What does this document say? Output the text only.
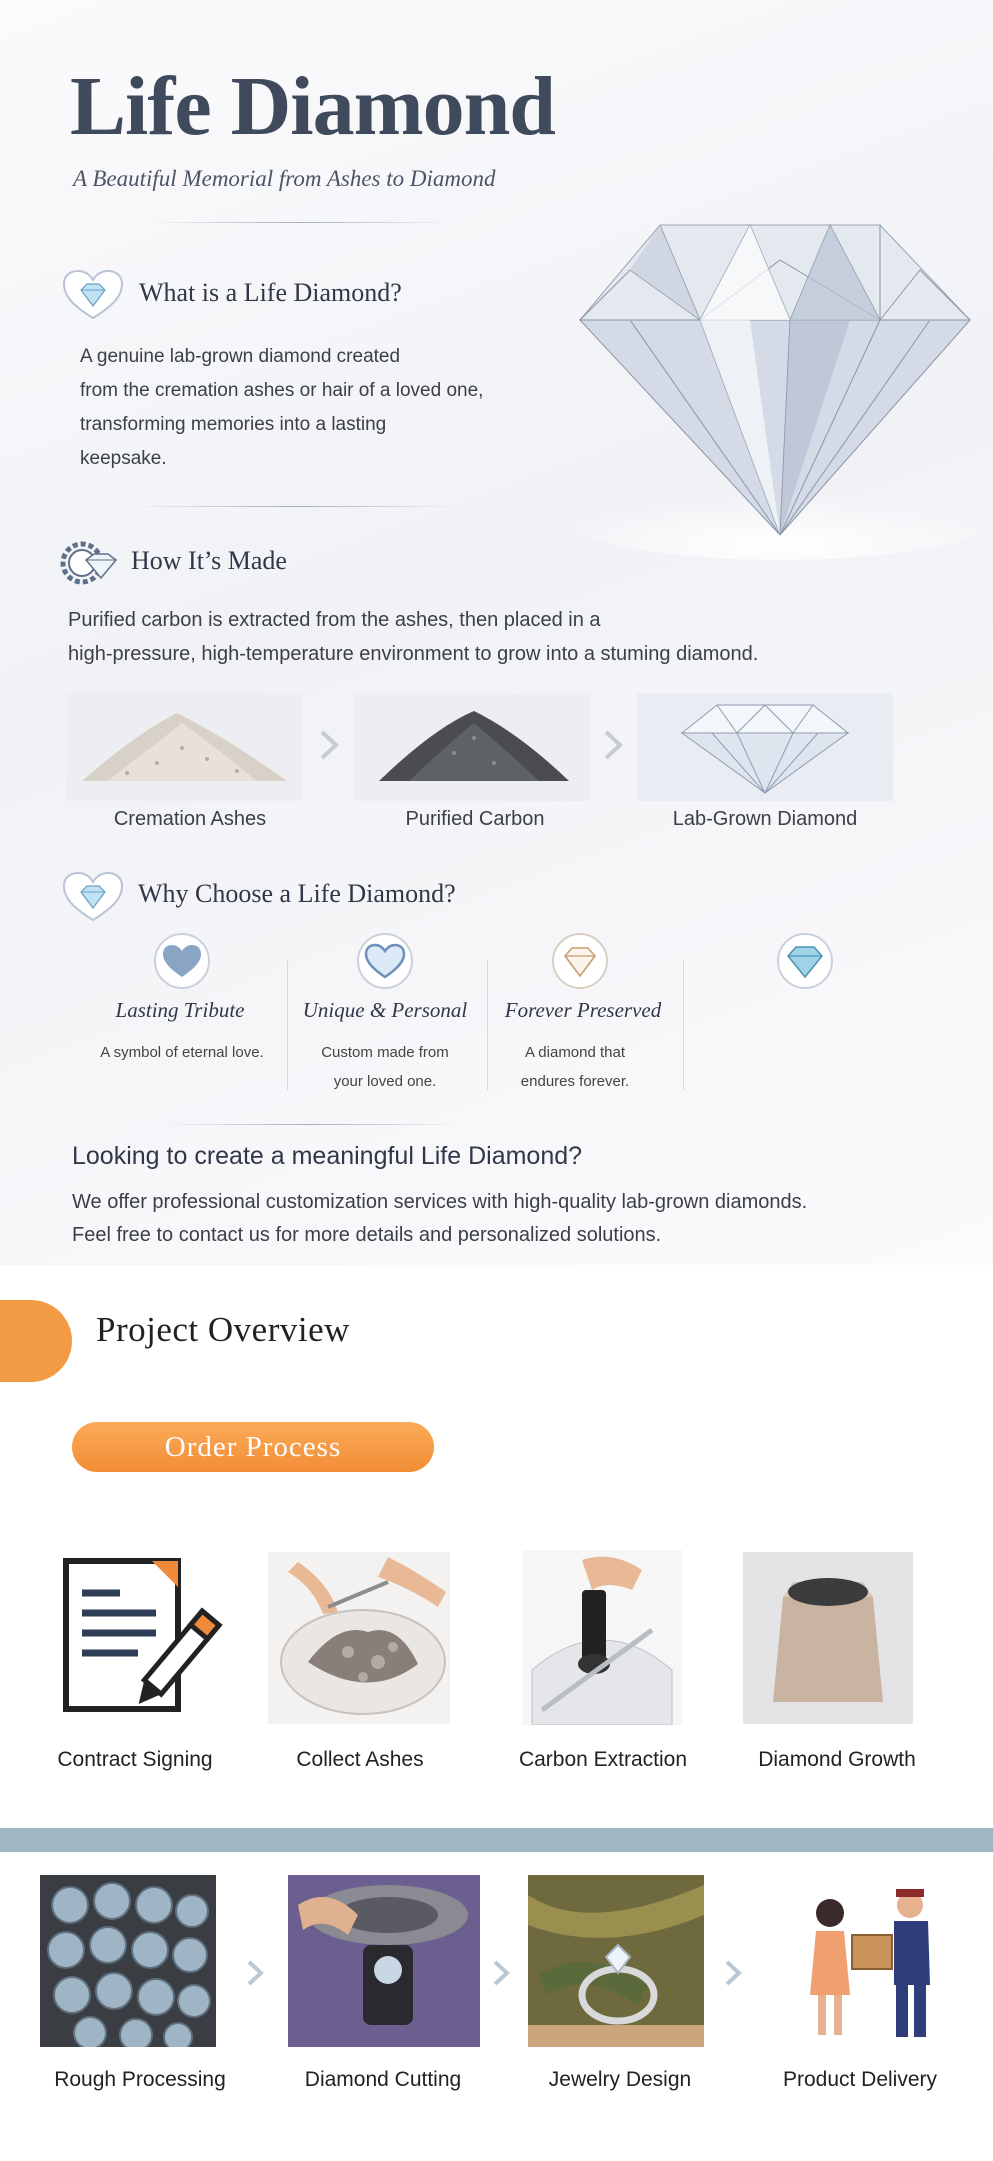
Life Diamond
A Beautiful Memorial from Ashes to Diamond
What is a Life Diamond?
A genuine lab-grown diamond created
from the cremation ashes or hair of a loved one,
transforming memories into a lasting
keepsake.
How It’s Made
Purified carbon is extracted from the ashes, then placed in a
high-pressure, high-temperature environment to grow into a stuming diamond.
Cremation Ashes	Purified Carbon	Lab-Grown Diamond
Why Choose a Life Diamond?
Lasting Tribute	Unique & Personal	Forever Preserved
A symbol of eternal love.	Custom made from
your loved one.
A diamond that
endures forever.
Looking to create a meaningful Life Diamond?
We offer professional customization services with high-quality lab-grown diamonds.
Feel free to contact us for more details and personalized solutions.
Project Overview
Order Process
Contract Signing	Collect Ashes	Carbon Extraction	Diamond Growth
Rough Processing	Diamond Cutting	Jewelry Design	Product Delivery
